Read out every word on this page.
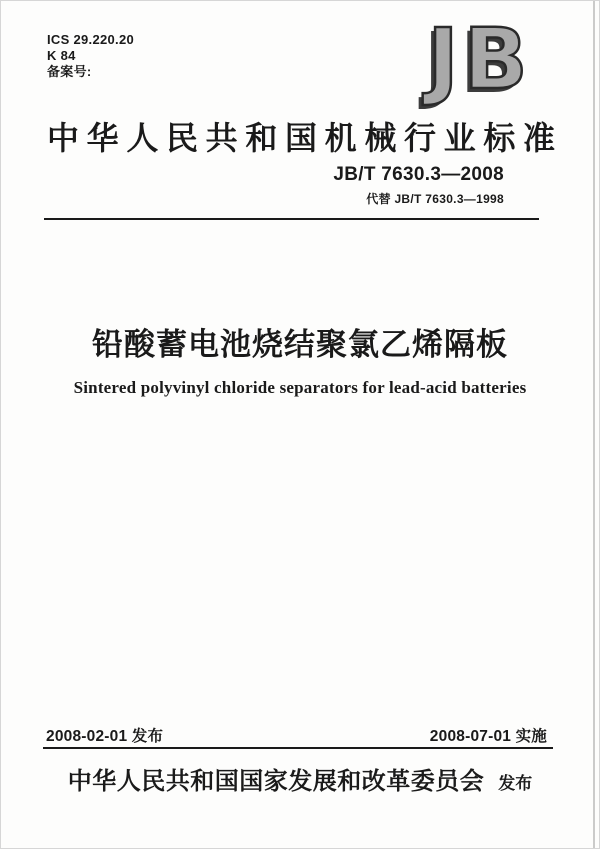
ICS 29.220.20
K 84
备案号:	JB
中华人民共和国机械行业标准
JB/T 7630.3—2008
代替 JB/T 7630.3—1998
铅酸蓄电池烧结聚氯乙烯隔板
Sintered polyvinyl chloride separators for lead-acid batteries
2008-02-01 发布	2008-07-01 实施
中华人民共和国国家发展和改革委员会 发布
